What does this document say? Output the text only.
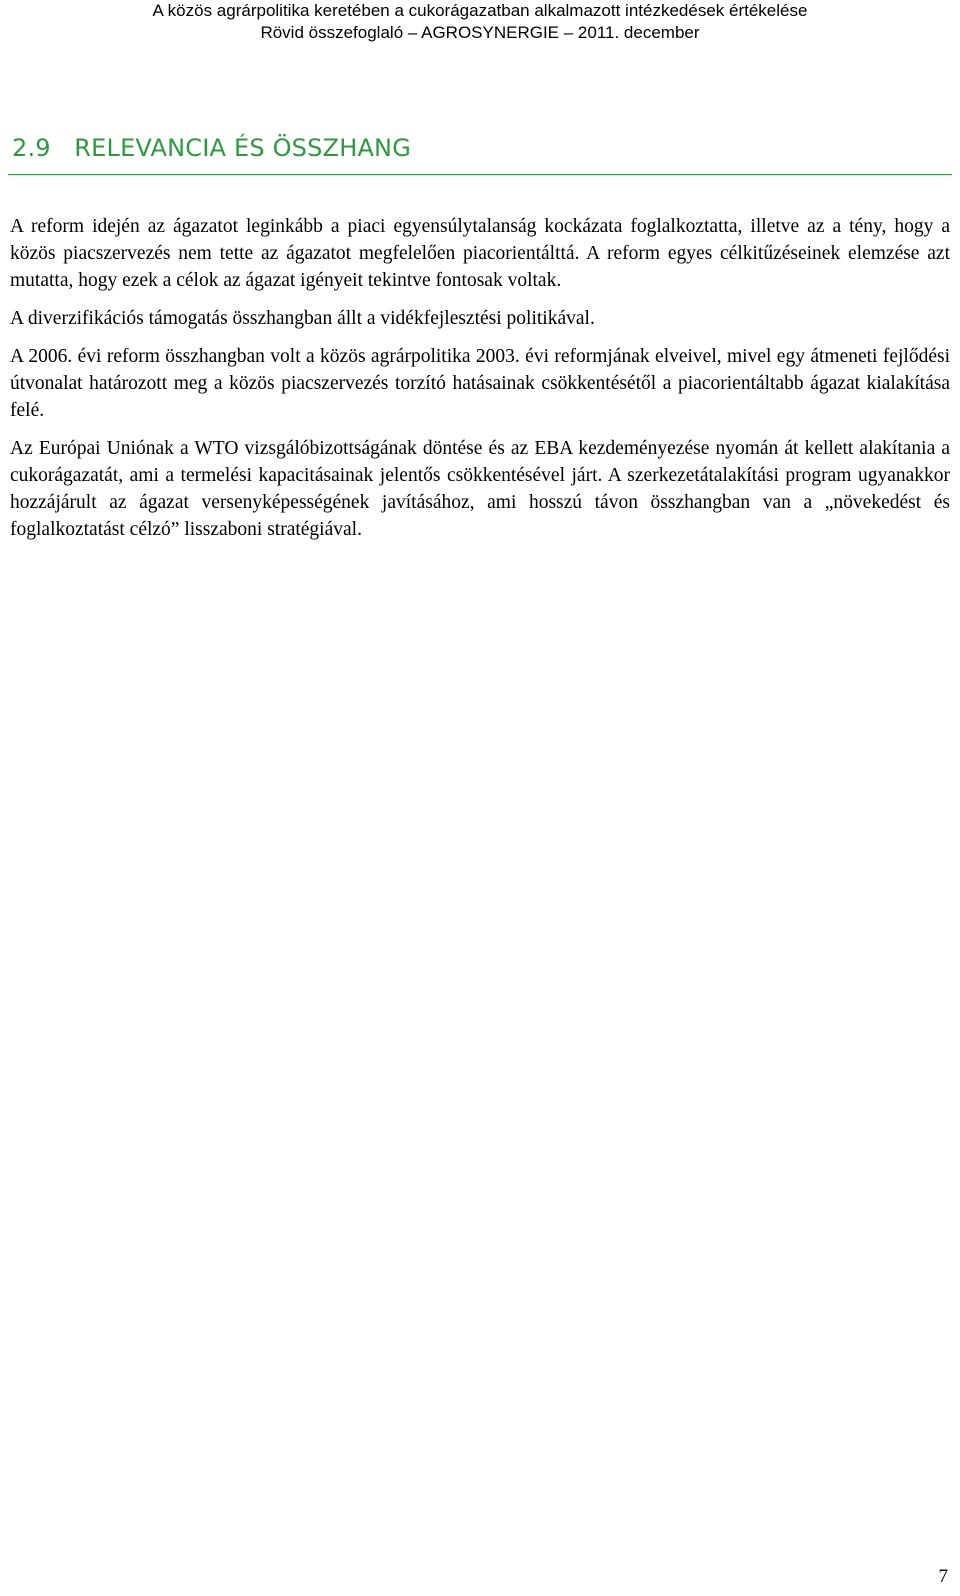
A közös agrárpolitika keretében a cukorágazatban alkalmazott intézkedések értékelése
Rövid összefoglaló – AGROSYNERGIE – 2011. december
2.9   RELEVANCIA ÉS ÖSSZHANG

A reform idején az ágazatot leginkább a piaci egyensúlytalanság kockázata foglalkoztatta, illetve az a tény, hogy a közös piacszervezés nem tette az ágazatot megfelelően piacorientálttá. A reform egyes célkitűzéseinek elemzése azt mutatta, hogy ezek a célok az ágazat igényeit tekintve fontosak voltak.

A diverzifikációs támogatás összhangban állt a vidékfejlesztési politikával.

A 2006. évi reform összhangban volt a közös agrárpolitika 2003. évi reformjának elveivel, mivel egy átmeneti fejlődési útvonalat határozott meg a közös piacszervezés torzító hatásainak csökkentésétől a piacorientáltabb ágazat kialakítása felé.

Az Európai Uniónak a WTO vizsgálóbizottságának döntése és az EBA kezdeményezése nyomán át kellett alakítania a cukorágazatát, ami a termelési kapacitásainak jelentős csökkentésével járt. A szerkezetátalakítási program ugyanakkor hozzájárult az ágazat versenyképességének javításához, ami hosszú távon összhangban van a „növekedést és foglalkoztatást célzó” lisszaboni stratégiával.

7
